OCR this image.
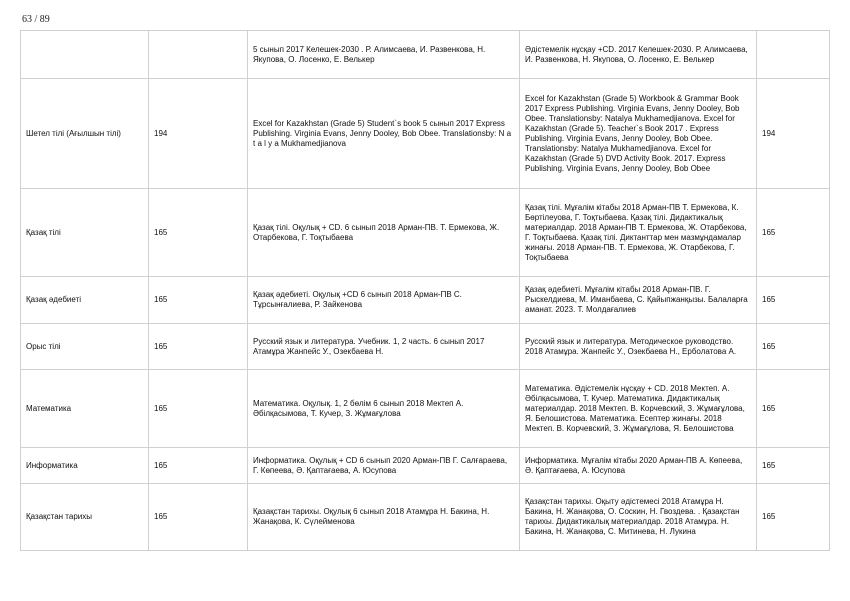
63 / 89
		5 сынып 2017 Келешек-2030 . Р. Алимсаева, И. Развенкова, Н. Якупова, О. Лосенко, Е. Велькер	Әдістемелік нұсқау +CD. 2017 Келешек-2030. Р. Алимсаева, И. Развенкова, Н. Якупова, О. Лосенко, Е. Велькер	
Шетел тілі (Ағылшын тілі)	194	Excel for Kazakhstan (Grade 5) Student`s book 5 сынып 2017 Express Publishing. Virginia Evans, Jenny Dooley, Bob Obee. Translationsby: N a t a l y a Mukhamedjianova	Excel for Kazakhstan (Grade 5) Workbook & Grammar Book 2017 Express Publishing. Virginia Evans, Jenny Dooley, Bob Obee. Translationsby: Natalya Mukhamedjianova. Excel for Kazakhstan (Grade 5). Teacher`s Book 2017 . Express Publishing. Virginia Evans, Jenny Dooley, Bob Obee. Translationsby: Natalya Mukhamedjianova. Excel for Kazakhstan (Grade 5) DVD Activity Book. 2017. Express Publishing. Virginia Evans, Jenny Dooley, Bob Obee	194
Қазақ тілі	165	Қазақ тілі. Оқулық + CD. 6 сынып 2018 Арман-ПВ. Т. Ермекова, Ж. Отарбекова, Г. Тоқтыбаева	Қазақ тілі. Мұғалім кітабы 2018 Арман-ПВ Т. Ермекова, К. Бөртілеуова, Г. Тоқтыбаева. Қазақ тілі. Дидактикалық материалдар. 2018 Арман-ПВ Т. Ермекова, Ж. Отарбекова, Г. Тоқтыбаева. Қазақ тілі. Диктанттар мен мазмұндамалар жинағы. 2018 Арман-ПВ. Т. Ермекова, Ж. Отарбекова, Г. Тоқтыбаева	165
Қазақ әдебиеті	165	Қазақ әдебиеті. Оқулық +CD 6 сынып 2018 Арман-ПВ С. Тұрсынғалиева, Р. Зайкенова	Қазақ әдебиеті. Мұғалім кітабы 2018 Арман-ПВ. Г. Рыскелдиева, М. Иманбаева, С. Қайыпжанқызы. Балаларға аманат. 2023. Т. Молдағалиев	165
Орыс тілі	165	Русский язык и литература. Учебник. 1, 2 часть. 6 сынып 2017 Атамұра Жанпейс У., Озекбаева Н.	Русский язык и литература. Методическое руководство. 2018 Атамұра. Жанпейс У., Озекбаева Н., Ерболатова А.	165
Математика	165	Математика. Оқулық. 1, 2 бөлім 6 сынып 2018 Мектеп А. Әбілқасымова, Т. Кучер, З. Жұмағұлова	Математика. Әдістемелік нұсқау + CD. 2018 Мектеп. А. Әбілқасымова, Т. Кучер. Математика. Дидактикалық материалдар. 2018 Мектеп. В. Корчевский, З. Жұмағұлова, Я. Белошистова. Математика. Есептер жинағы. 2018 Мектеп. В. Корчевский, З. Жұмағұлова, Я. Белошистова	165
Информатика	165	Информатика. Оқулық + CD 6 сынып 2020 Арман-ПВ Г. Салғараева, Г. Көпеева, Ә. Қаптағаева, А. Юсупова	Информатика. Мұғалім кітабы 2020 Арман-ПВ А. Көпеева, Ә. Қаптағаева, А. Юсупова	165
Қазақстан тарихы	165	Қазақстан тарихы. Оқулық 6 сынып 2018 Атамұра Н. Бакина, Н. Жанақова, К. Сүлейменова	Қазақстан тарихы. Оқыту әдістемесі 2018 Атамұра Н. Бакина, Н. Жанақова, О. Соскин, Н. Гвоздева. . Қазақстан тарихы. Дидактикалық материалдар. 2018 Атамұра. Н. Бакина, Н. Жанақова, С. Митинева, Н. Лукина	165
